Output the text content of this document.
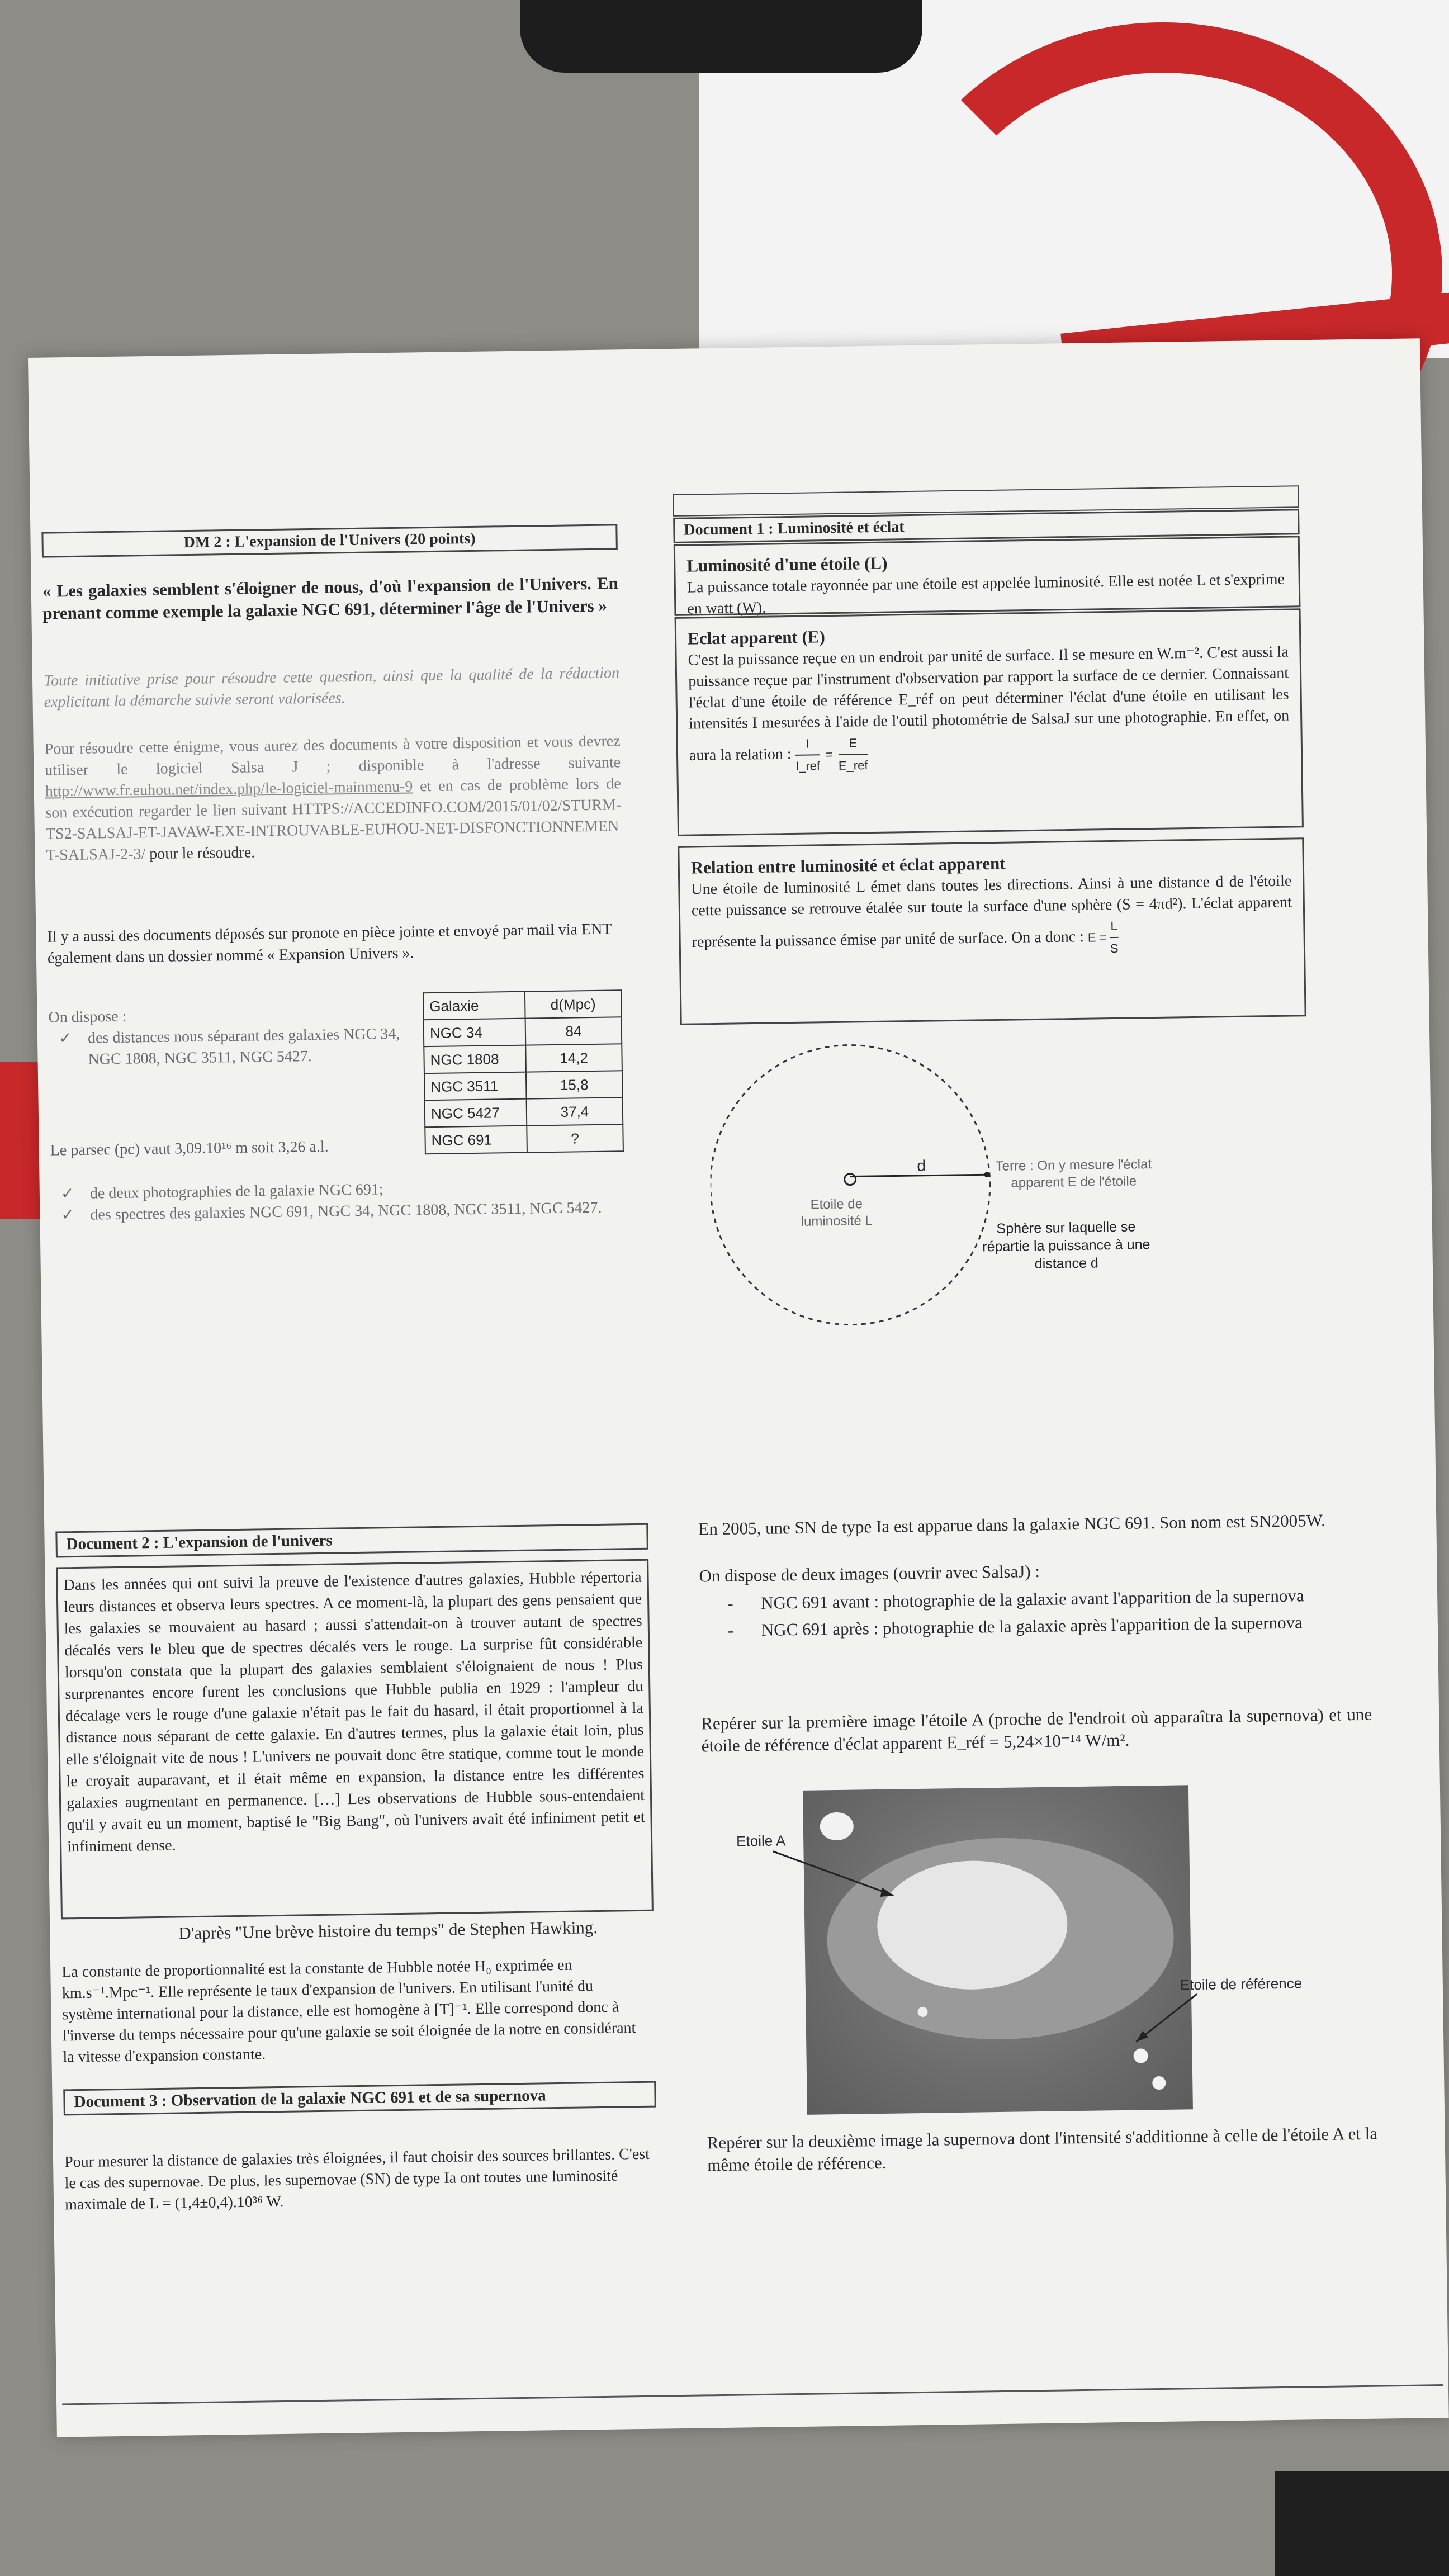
DM 2 : L'expansion de l'Univers (20 points)

« Les galaxies semblent s'éloigner de nous, d'où l'expansion de l'Univers. En prenant comme exemple la galaxie NGC 691, déterminer l'âge de l'Univers »

Toute initiative prise pour résoudre cette question, ainsi que la qualité de la rédaction explicitant la démarche suivie seront valorisées.

Pour résoudre cette énigme, vous aurez des documents à votre disposition et vous devrez utiliser le logiciel Salsa J ; disponible à l'adresse suivante http://www.fr.euhou.net/index.php/le-logiciel-mainmenu-9 et en cas de problème lors de son exécution regarder le lien suivant HTTPS://ACCEDINFO.COM/2015/01/02/STURM-TS2-SALSAJ-ET-JAVAW-EXE-INTROUVABLE-EUHOU-NET-DISFONCTIONNEMENT-SALSAJ-2-3/ pour le résoudre.

Il y a aussi des documents déposés sur pronote en pièce jointe et envoyé par mail via ENT également dans un dossier nommé « Expansion Univers ».

On dispose :

✓ des distances nous séparant des galaxies NGC 34, NGC 1808, NGC 3511, NGC 5427.

Le parsec (pc) vaut 3,09.10¹⁶ m soit 3,26 a.l.

✓ de deux photographies de la galaxie NGC 691;
✓ des spectres des galaxies NGC 691, NGC 34, NGC 1808, NGC 3511, NGC 5427.
Galaxie	d(Mpc)
NGC 34	84
NGC 1808	14,2
NGC 3511	15,8
NGC 5427	37,4
NGC 691	?
Document 1 : Luminosité et éclat

Luminosité d'une étoile (L)

La puissance totale rayonnée par une étoile est appelée luminosité. Elle est notée L et s'exprime en watt (W).

Eclat apparent (E)

C'est la puissance reçue en un endroit par unité de surface. Il se mesure en W.m⁻². C'est aussi la puissance reçue par l'instrument d'observation par rapport la surface de ce dernier. Connaissant l'éclat d'une étoile de référence E_réf on peut déterminer l'éclat d'une étoile en utilisant les intensités I mesurées à l'aide de l'outil photométrie de SalsaJ sur une photographie. En effet, on aura la relation :
I
I_ref
=
E
E_ref

Relation entre luminosité et éclat apparent

Une étoile de luminosité L émet dans toutes les directions. Ainsi à une distance d de l'étoile cette puissance se retrouve étalée sur toute la surface d'une sphère (S = 4πd²). L'éclat apparent représente la puissance émise par unité de surface. On a donc : $E = \frac{L}{S}$

d
Etoile de luminosité L
Terre : On y mesure l'éclat apparent E de l'étoile
Sphère sur laquelle se répartie la puissance à une distance d
Document 2 : L'expansion de l'univers

Dans les années qui ont suivi la preuve de l'existence d'autres galaxies, Hubble répertoria leurs distances et observa leurs spectres. A ce moment-là, la plupart des gens pensaient que les galaxies se mouvaient au hasard ; aussi s'attendait-on à trouver autant de spectres décalés vers le bleu que de spectres décalés vers le rouge. La surprise fût considérable lorsqu'on constata que la plupart des galaxies semblaient s'éloignaient de nous ! Plus surprenantes encore furent les conclusions que Hubble publia en 1929 : l'ampleur du décalage vers le rouge d'une galaxie n'était pas le fait du hasard, il était proportionnel à la distance nous séparant de cette galaxie. En d'autres termes, plus la galaxie était loin, plus elle s'éloignait vite de nous ! L'univers ne pouvait donc être statique, comme tout le monde le croyait auparavant, et il était même en expansion, la distance entre les différentes galaxies augmentant en permanence. […] Les observations de Hubble sous-entendaient qu'il y avait eu un moment, baptisé le "Big Bang", où l'univers avait été infiniment petit et infiniment dense.

D'après "Une brève histoire du temps" de Stephen Hawking.

La constante de proportionnalité est la constante de Hubble notée H₀ exprimée en km.s⁻¹.Mpc⁻¹. Elle représente le taux d'expansion de l'univers. En utilisant l'unité du système international pour la distance, elle est homogène à [T]⁻¹. Elle correspond donc à l'inverse du temps nécessaire pour qu'une galaxie se soit éloignée de la notre en considérant la vitesse d'expansion constante.

Document 3 : Observation de la galaxie NGC 691 et de sa supernova

Pour mesurer la distance de galaxies très éloignées, il faut choisir des sources brillantes. C'est le cas des supernovae. De plus, les supernovae (SN) de type Ia ont toutes une luminosité maximale de L = (1,4±0,4).10³⁶ W.

En 2005, une SN de type Ia est apparue dans la galaxie NGC 691. Son nom est SN2005W.

On dispose de deux images (ouvrir avec SalsaJ) :

- NGC 691 avant : photographie de la galaxie avant l'apparition de la supernova
- NGC 691 après : photographie de la galaxie après l'apparition de la supernova

Repérer sur la première image l'étoile A (proche de l'endroit où apparaîtra la supernova) et une étoile de référence d'éclat apparent E_réf = 5,24×10⁻¹⁴ W/m².

Etoile A
Etoile de référence

Repérer sur la deuxième image la supernova dont l'intensité s'additionne à celle de l'étoile A et la même étoile de référence.
